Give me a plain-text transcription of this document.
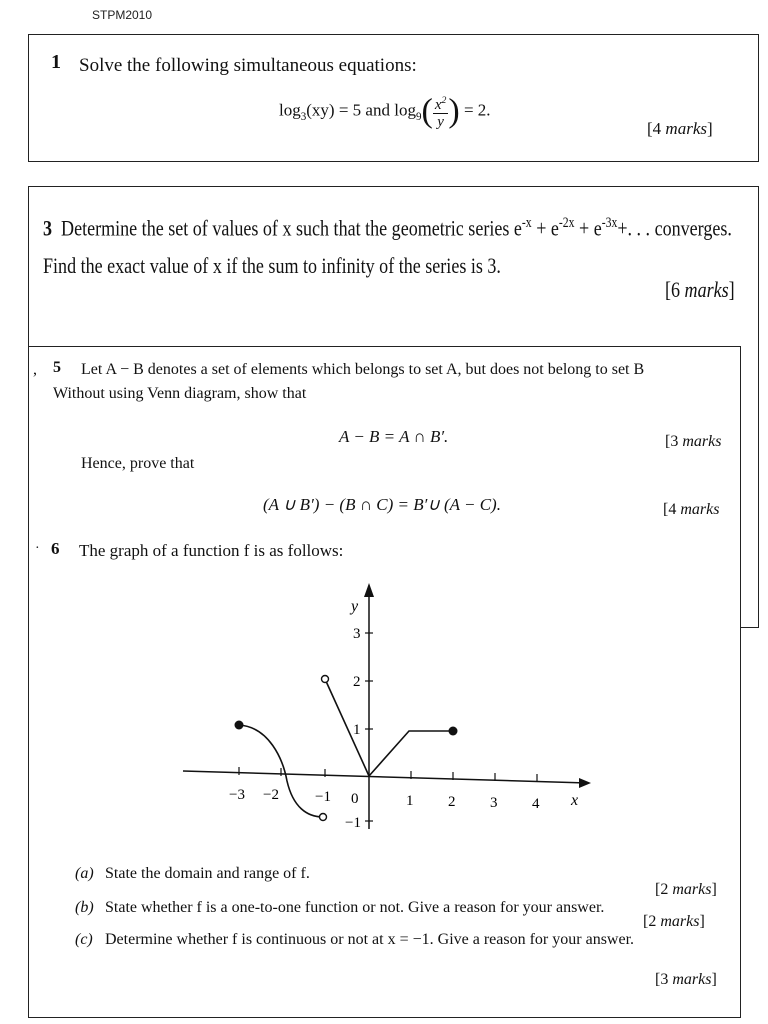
STPM2010
1 Solve the following simultaneous equations:
$\log_3(xy) = 5$ and $\log_9( \frac{x^2}{y}$ ) = 2.
[4 marks]
3 Determine the set of values of x such that the geometric series $e^{-x} + e^{-2x} + e^{-3x}+$. . . converges.
Find the exact value of x if the sum to infinity of the series is 3.
[6 marks]
, 5 Let A − B denotes a set of elements which belongs to set A, but does not belong to set B
Without using Venn diagram, show that
A − B = A ∩ B′.	[3 marks
Hence, prove that
(A ∪ B′) − (B ∩ C) = B′∪ (A − C).	[4 marks
· 6 The graph of a function f is as follows:
−3 −2 −1 0	1 2 3 4 x
y
3
2
1
−1
(a) State the domain and range of f.
[2 marks]
(b) State whether f is a one-to-one function or not. Give a reason for your answer.
[2 marks]
(c) Determine whether f is continuous or not at x = −1. Give a reason for your answer.
[3 marks]
